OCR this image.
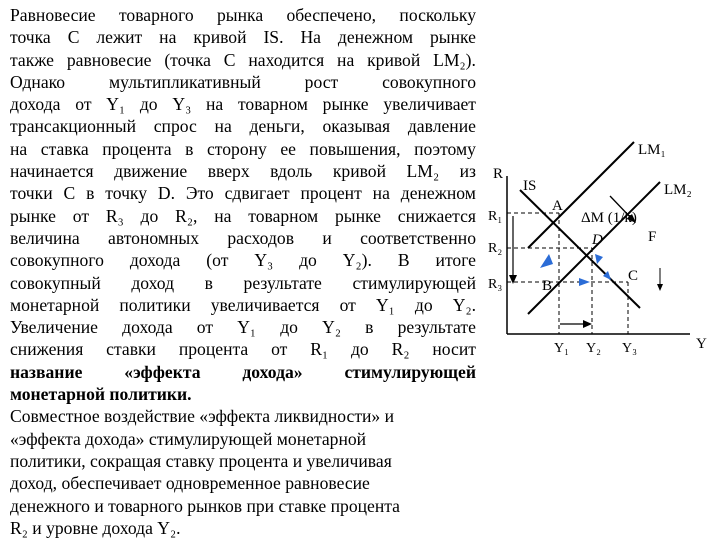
Равновесие товарного рынка обеспечено, поскольку
точка С лежит на кривой IS. На денежном рынке
также равновесие (точка С находится на кривой LM₂).
Однако мультипликативный рост совокупного
дохода от Y₁ до Y₃ на товарном рынке увеличивает
трансакционный спрос на деньги, оказывая давление
на ставка процента в сторону ее повышения, поэтому
начинается движение вверх вдоль кривой LM₂ из
точки С в точку D. Это сдвигает процент на денежном
рынке от R₃ до R₂, на товарном рынке снижается
величина автономных расходов и соответственно
совокупного дохода (от Y₃ до Y₂). В итоге
совокупный доход в результате стимулирующей
монетарной политики увеличивается от Y₁ до Y₂.
Увеличение дохода от Y₁ до Y₂ в результате
снижения ставки процента от R₁ до R₂ носит
название «эффекта дохода» стимулирующей
монетарной политики.
Совместное воздействие «эффекта ликвидности» и
«эффекта дохода» стимулирующей монетарной
политики, сокращая ставку процента и увеличивая
доход, обеспечивает одновременное равновесие
денежного и товарного рынков при ставке процента
R₂ и уровне дохода Y₂.
R
Y
IS
LM₁
LM₂
ΔM (1/k)
F
A
D
B
C
R₁
R₂
R₃
Y₁ Y₂ Y₃
